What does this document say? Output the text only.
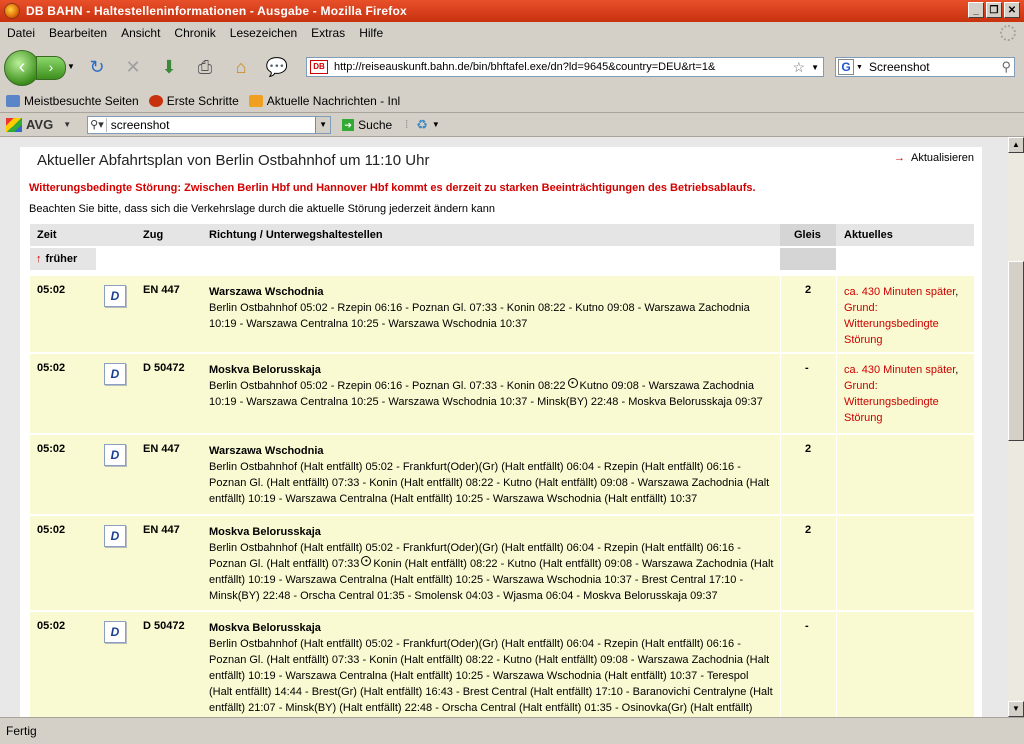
DB BAHN - Haltestelleninformationen - Ausgabe - Mozilla Firefox	_	❐ ✕
Datei	Bearbeiten	Ansicht	Chronik	Lesezeichen	Extras	Hilfe
‹	›	▼ ↻	✕	⬇	⎙	⌂	💬	DB http://reiseauskunft.bahn.de/bin/bhftafel.exe/dn?ld=9645&country=DEU&rt=1&	☆ ▼ G ▼ Screenshot	⚲
Meistbesuchte Seiten Erste Schritte Aktuelle Nachrichten - Inl
AVG ▼ ⚲▾ screenshot	▼	➔ Suche ⁞ ♻ ▼
Aktueller Abfahrtsplan von Berlin Ostbahnhof um 11:10 Uhr	→ Aktualisieren
Witterungsbedingte Störung: Zwischen Berlin Hbf und Hannover Hbf kommt es derzeit zu starken Beeinträchtigungen des Betriebsablaufs.
Beachten Sie bitte, dass sich die Verkehrslage durch die aktuelle Störung jederzeit ändern kann
Zeit	Zug	Richtung / Unterwegshaltestellen	Gleis Aktuelles
↑ früher
05:02	D EN 447	Warszawa Wschodnia
Berlin Ostbahnhof 05:02 - Rzepin 06:16 - Poznan Gl. 07:33 - Konin 08:22 - Kutno 09:08 - Warszawa Zachodnia 10:19 - Warszawa Centralna 10:25 - Warszawa Wschodnia 10:37
2	ca. 430 Minuten später, Grund: Witterungsbedingte Störung
05:02	D D 50472 Moskva Belorusskaja
Berlin Ostbahnhof 05:02 - Rzepin 06:16 - Poznan Gl. 07:33 - Konin 08:22 ● Kutno 09:08 - Warszawa Zachodnia 10:19 - Warszawa Centralna 10:25 - Warszawa Wschodnia 10:37 - Minsk(BY) 22:48 - Moskva Belorusskaja 09:37
-	ca. 430 Minuten später, Grund: Witterungsbedingte Störung
05:02	D EN 447	Warszawa Wschodnia
Berlin Ostbahnhof (Halt entfällt) 05:02 - Frankfurt(Oder)(Gr) (Halt entfällt) 06:04 - Rzepin (Halt entfällt) 06:16 - Poznan Gl. (Halt entfällt) 07:33 - Konin (Halt entfällt) 08:22 - Kutno (Halt entfällt) 09:08 - Warszawa Zachodnia (Halt entfällt) 10:19 - Warszawa Centralna (Halt entfällt) 10:25 - Warszawa Wschodnia (Halt entfällt) 10:37
2
05:02	D EN 447	Moskva Belorusskaja
Berlin Ostbahnhof (Halt entfällt) 05:02 - Frankfurt(Oder)(Gr) (Halt entfällt) 06:04 - Rzepin (Halt entfällt) 06:16 - Poznan Gl. (Halt entfällt) 07:33 ● Konin (Halt entfällt) 08:22 - Kutno (Halt entfällt) 09:08 - Warszawa Zachodnia (Halt entfällt) 10:19 - Warszawa Centralna (Halt entfällt) 10:25 - Warszawa Wschodnia 10:37 - Brest Central 17:10 - Minsk(BY) 22:48 - Orscha Central 01:35 - Smolensk 04:03 - Wjasma 06:04 - Moskva Belorusskaja 09:37
2
05:02	D D 50472 Moskva Belorusskaja
Berlin Ostbahnhof (Halt entfällt) 05:02 - Frankfurt(Oder)(Gr) (Halt entfällt) 06:04 - Rzepin (Halt entfällt) 06:16 - Poznan Gl. (Halt entfällt) 07:33 - Konin (Halt entfällt) 08:22 - Kutno (Halt entfällt) 09:08 - Warszawa Zachodnia (Halt entfällt) 10:19 - Warszawa Centralna (Halt entfällt) 10:25 - Warszawa Wschodnia (Halt entfällt) 10:37 - Terespol (Halt entfällt) 14:44 - Brest(Gr) (Halt entfällt) 16:43 - Brest Central (Halt entfällt) 17:10 - Baranovichi Centralyne (Halt entfällt) 21:07 - Minsk(BY) (Halt entfällt) 22:48 - Orscha Central (Halt entfällt) 01:35 - Osinovka(Gr) (Halt entfällt)
-
▲
▼
Fertig
